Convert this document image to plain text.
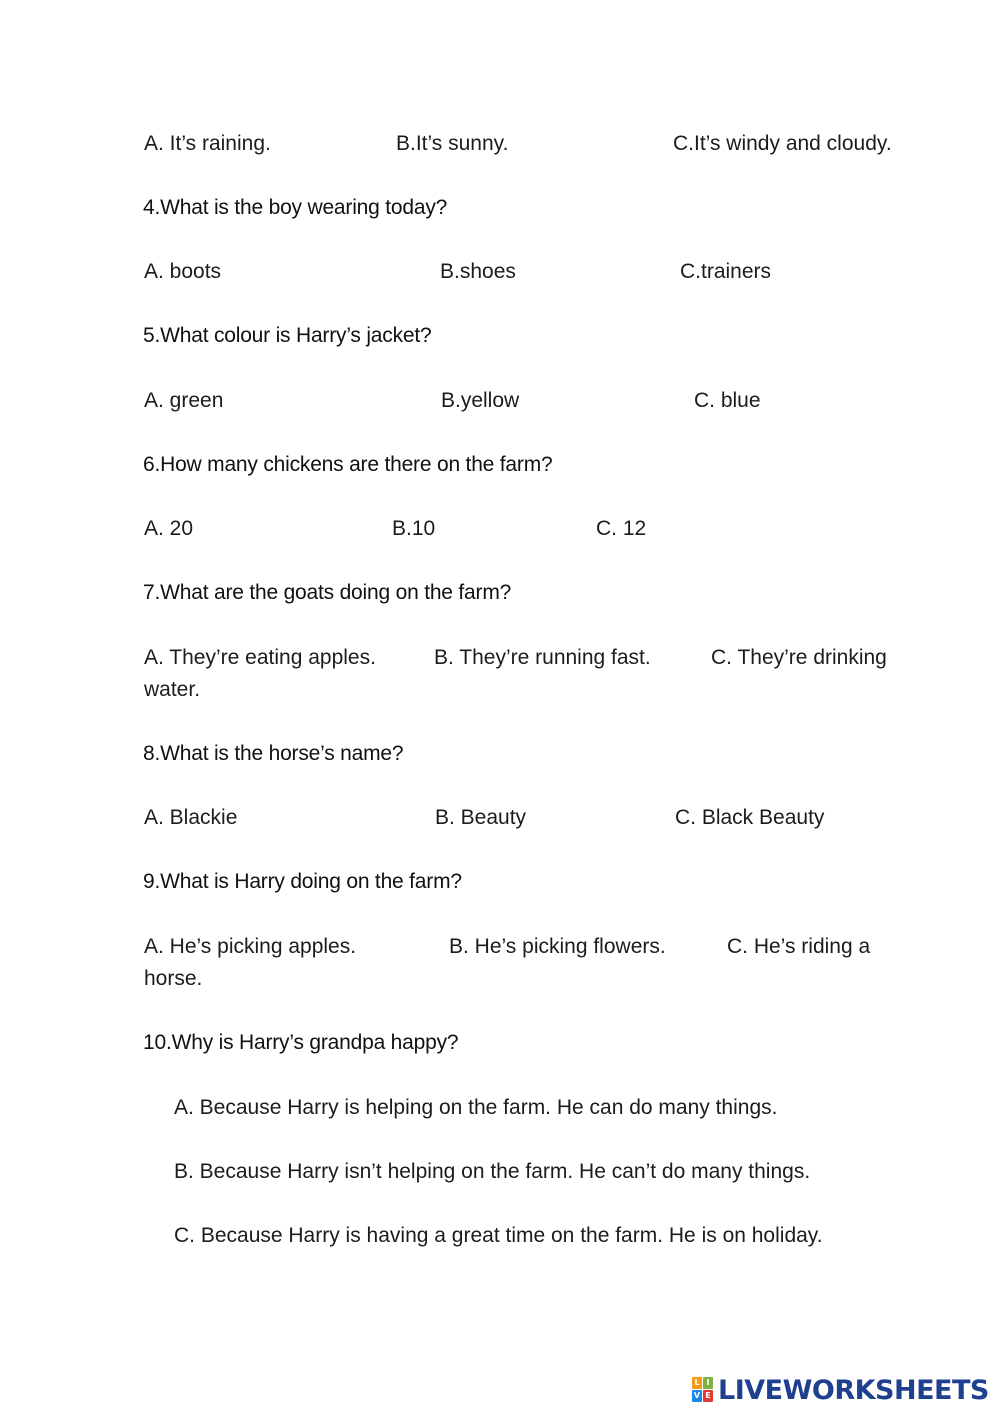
A. It’s raining.	B.It’s sunny.	C.It’s windy and cloudy.
4.What is the boy wearing today?
A. boots	B.shoes	C.trainers
5.What colour is Harry’s jacket?
A. green	B.yellow	C. blue
6.How many chickens are there on the farm?
A. 20	B.10	C. 12
7.What are the goats doing on the farm?
A. They’re eating apples.	B. They’re running fast.	C. They’re drinking
water.
8.What is the horse’s name?
A. Blackie	B. Beauty	C. Black Beauty
9.What is Harry doing on the farm?
A. He’s picking apples.	B. He’s picking flowers.	C. He’s riding a
horse.
10.Why is Harry’s grandpa happy?
A. Because Harry is helping on the farm. He can do many things.
B. Because Harry isn’t helping on the farm. He can’t do many things.
C. Because Harry is having a great time on the farm. He is on holiday.
L I
V E LIVEWORKSHEETS
